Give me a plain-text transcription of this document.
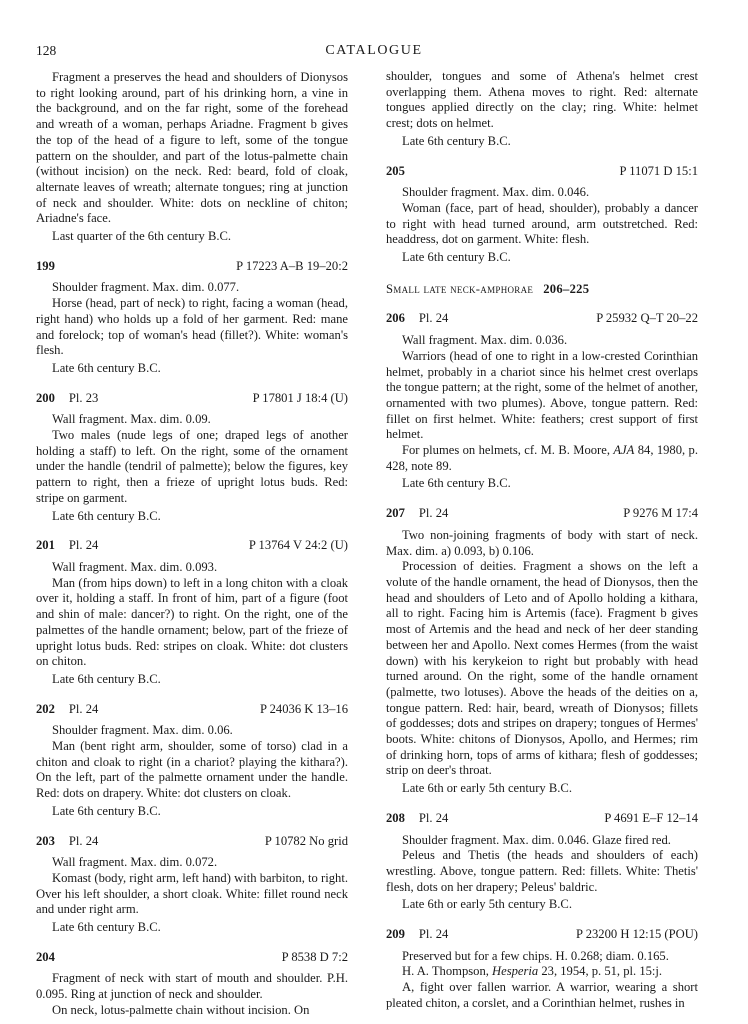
128	CATALOGUE

Fragment a preserves the head and shoulders of Dionysos to right looking around, part of his drinking horn, a vine in the background, and on the far right, some of the forehead and wreath of a woman, perhaps Ariadne. Fragment b gives the top of the head of a figure to left, some of the tongue pattern on the shoulder, and part of the lotus-palmette chain (without incision) on the neck. Red: beard, fold of cloak, alternate leaves of wreath; alternate tongues; ring at junction of neck and shoulder. White: dots on neckline of chiton; Ariadne's face.

Last quarter of the 6th century B.C.

199	P 17223 A–B 19–20:2

Shoulder fragment. Max. dim. 0.077.

Horse (head, part of neck) to right, facing a woman (head, right hand) who holds up a fold of her garment. Red: mane and forelock; top of woman's head (fillet?). White: woman's flesh.

Late 6th century B.C.

200 Pl. 23	P 17801 J 18:4 (U)

Wall fragment. Max. dim. 0.09.

Two males (nude legs of one; draped legs of another holding a staff) to left. On the right, some of the ornament under the handle (tendril of palmette); below the figures, key pattern to right, then a frieze of upright lotus buds. Red: stripe on garment.

Late 6th century B.C.

201 Pl. 24	P 13764 V 24:2 (U)

Wall fragment. Max. dim. 0.093.

Man (from hips down) to left in a long chiton with a cloak over it, holding a staff. In front of him, part of a figure (foot and shin of male: dancer?) to right. On the right, one of the palmettes of the handle ornament; below, part of the frieze of upright lotus buds. Red: stripes on cloak. White: dot clusters on chiton.

Late 6th century B.C.

202 Pl. 24	P 24036 K 13–16

Shoulder fragment. Max. dim. 0.06.

Man (bent right arm, shoulder, some of torso) clad in a chiton and cloak to right (in a chariot? playing the kithara?). On the left, part of the palmette ornament under the handle. Red: dots on drapery. White: dot clusters on cloak.

Late 6th century B.C.

203 Pl. 24	P 10782 No grid

Wall fragment. Max. dim. 0.072.

Komast (body, right arm, left hand) with barbiton, to right. Over his left shoulder, a short cloak. White: fillet round neck and under right arm.

Late 6th century B.C.

204	P 8538 D 7:2

Fragment of neck with start of mouth and shoulder. P.H. 0.095. Ring at junction of neck and shoulder.

On neck, lotus-palmette chain without incision. On

shoulder, tongues and some of Athena's helmet crest overlapping them. Athena moves to right. Red: alternate tongues applied directly on the clay; ring. White: helmet crest; dots on helmet.

Late 6th century B.C.

205	P 11071 D 15:1

Shoulder fragment. Max. dim. 0.046.

Woman (face, part of head, shoulder), probably a dancer to right with head turned around, arm outstretched. Red: headdress, dot on garment. White: flesh.

Late 6th century B.C.

Small late neck-amphorae 206–225
206 Pl. 24	P 25932 Q–T 20–22

Wall fragment. Max. dim. 0.036.

Warriors (head of one to right in a low-crested Corinthian helmet, probably in a chariot since his helmet crest overlaps the tongue pattern; at the right, some of the helmet of another, ornamented with two plumes). Above, tongue pattern. Red: fillet on first helmet. White: feathers; crest support of first helmet.

For plumes on helmets, cf. M. B. Moore, AJA 84, 1980, p. 428, note 89.

Late 6th century B.C.

207 Pl. 24	P 9276 M 17:4

Two non-joining fragments of body with start of neck. Max. dim. a) 0.093, b) 0.106.

Procession of deities. Fragment a shows on the left a volute of the handle ornament, the head of Dionysos, then the head and shoulders of Leto and of Apollo holding a kithara, all to right. Facing him is Artemis (face). Fragment b gives most of Artemis and the head and neck of her deer standing between her and Apollo. Next comes Hermes (from the waist down) with his kerykeion to right but probably with head turned around. On the right, some of the handle ornament (palmette, two lotuses). Above the heads of the deities on a, tongue pattern. Red: hair, beard, wreath of Dionysos; fillets of goddesses; dots and stripes on drapery; tongues of Hermes' boots. White: chitons of Dionysos, Apollo, and Hermes; rim of drinking horn, tops of arms of kithara; flesh of goddesses; strip on deer's throat.

Late 6th or early 5th century B.C.

208 Pl. 24	P 4691 E–F 12–14

Shoulder fragment. Max. dim. 0.046. Glaze fired red.

Peleus and Thetis (the heads and shoulders of each) wrestling. Above, tongue pattern. Red: fillets. White: Thetis' flesh, dots on her drapery; Peleus' baldric.

Late 6th or early 5th century B.C.

209 Pl. 24	P 23200 H 12:15 (POU)

Preserved but for a few chips. H. 0.268; diam. 0.165.

H. A. Thompson, Hesperia 23, 1954, p. 51, pl. 15:j.

A, fight over fallen warrior. A warrior, wearing a short pleated chiton, a corslet, and a Corinthian helmet, rushes in
